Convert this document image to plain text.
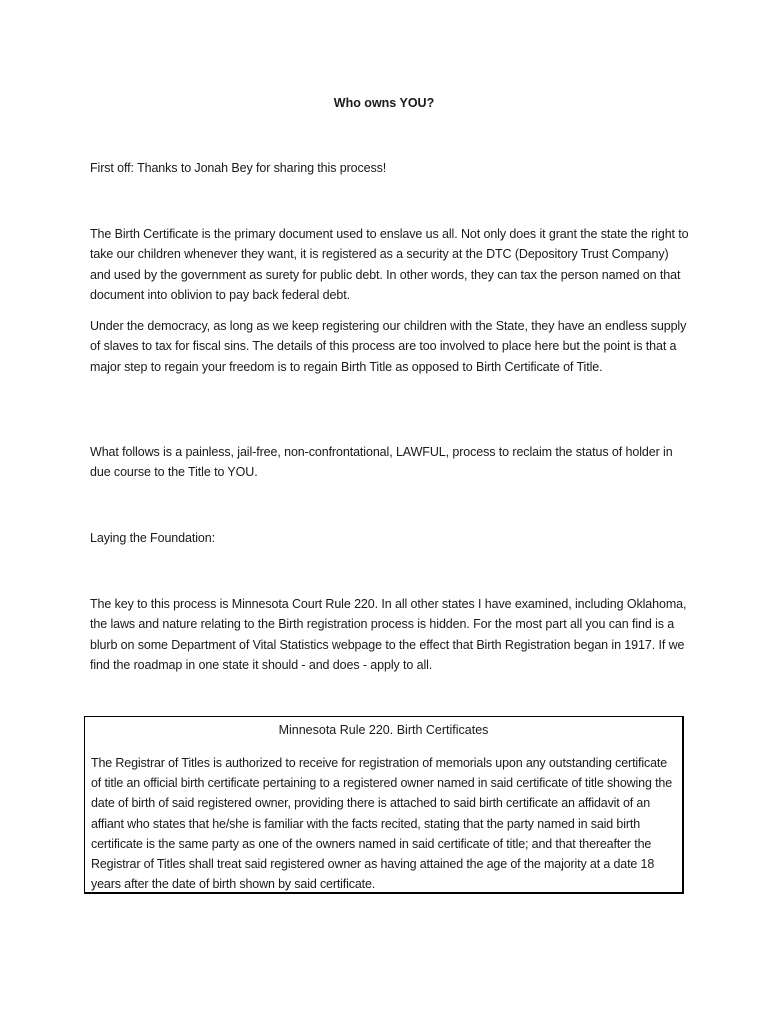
Who owns YOU?

First off: Thanks to Jonah Bey for sharing this process!

The Birth Certificate is the primary document used to enslave us all. Not only does it grant the state the right to take our children whenever they want, it is registered as a security at the DTC (Depository Trust Company) and used by the government as surety for public debt. In other words, they can tax the person named on that document into oblivion to pay back federal debt.

Under the democracy, as long as we keep registering our children with the State, they have an endless supply of slaves to tax for fiscal sins. The details of this process are too involved to place here but the point is that a major step to regain your freedom is to regain Birth Title as opposed to Birth Certificate of Title.

What follows is a painless, jail-free, non-confrontational, LAWFUL, process to reclaim the status of holder in due course to the Title to YOU.

Laying the Foundation:

The key to this process is Minnesota Court Rule 220. In all other states I have examined, including Oklahoma, the laws and nature relating to the Birth registration process is hidden. For the most part all you can find is a blurb on some Department of Vital Statistics webpage to the effect that Birth Registration began in 1917. If we find the roadmap in one state it should - and does - apply to all.

Minnesota Rule 220. Birth Certificates

The Registrar of Titles is authorized to receive for registration of memorials upon any outstanding certificate of title an official birth certificate pertaining to a registered owner named in said certificate of title showing the date of birth of said registered owner, providing there is attached to said birth certificate an affidavit of an affiant who states that he/she is familiar with the facts recited, stating that the party named in said birth certificate is the same party as one of the owners named in said certificate of title; and that thereafter the Registrar of Titles shall treat said registered owner as having attained the age of the majority at a date 18 years after the date of birth shown by said certificate.
